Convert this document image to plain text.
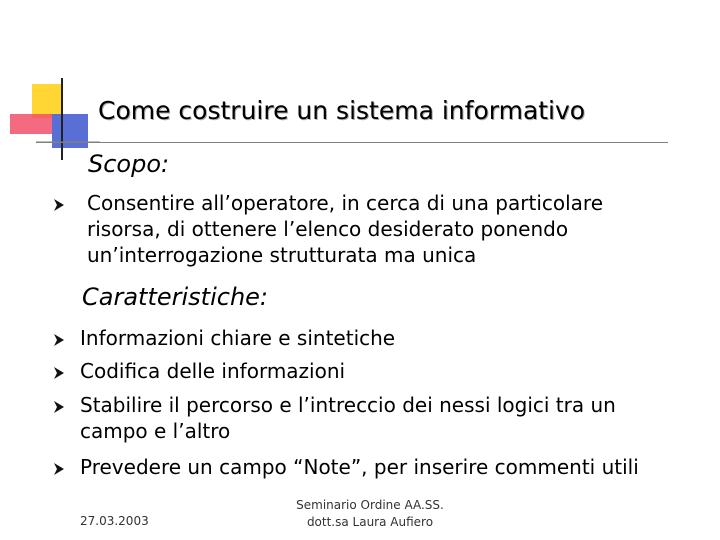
Come costruire un sistema informativo
Scopo:
Consentire all’operatore, in cerca di una particolare
risorsa, di ottenere l’elenco desiderato ponendo
un’interrogazione strutturata ma unica
Caratteristiche:
Informazioni chiare e sintetiche
Codifica delle informazioni
Stabilire il percorso e l’intreccio dei nessi logici tra un
campo e l’altro
Prevedere un campo “Note”, per inserire commenti utili
27.03.2003
Seminario Ordine AA.SS.
dott.sa Laura Aufiero
